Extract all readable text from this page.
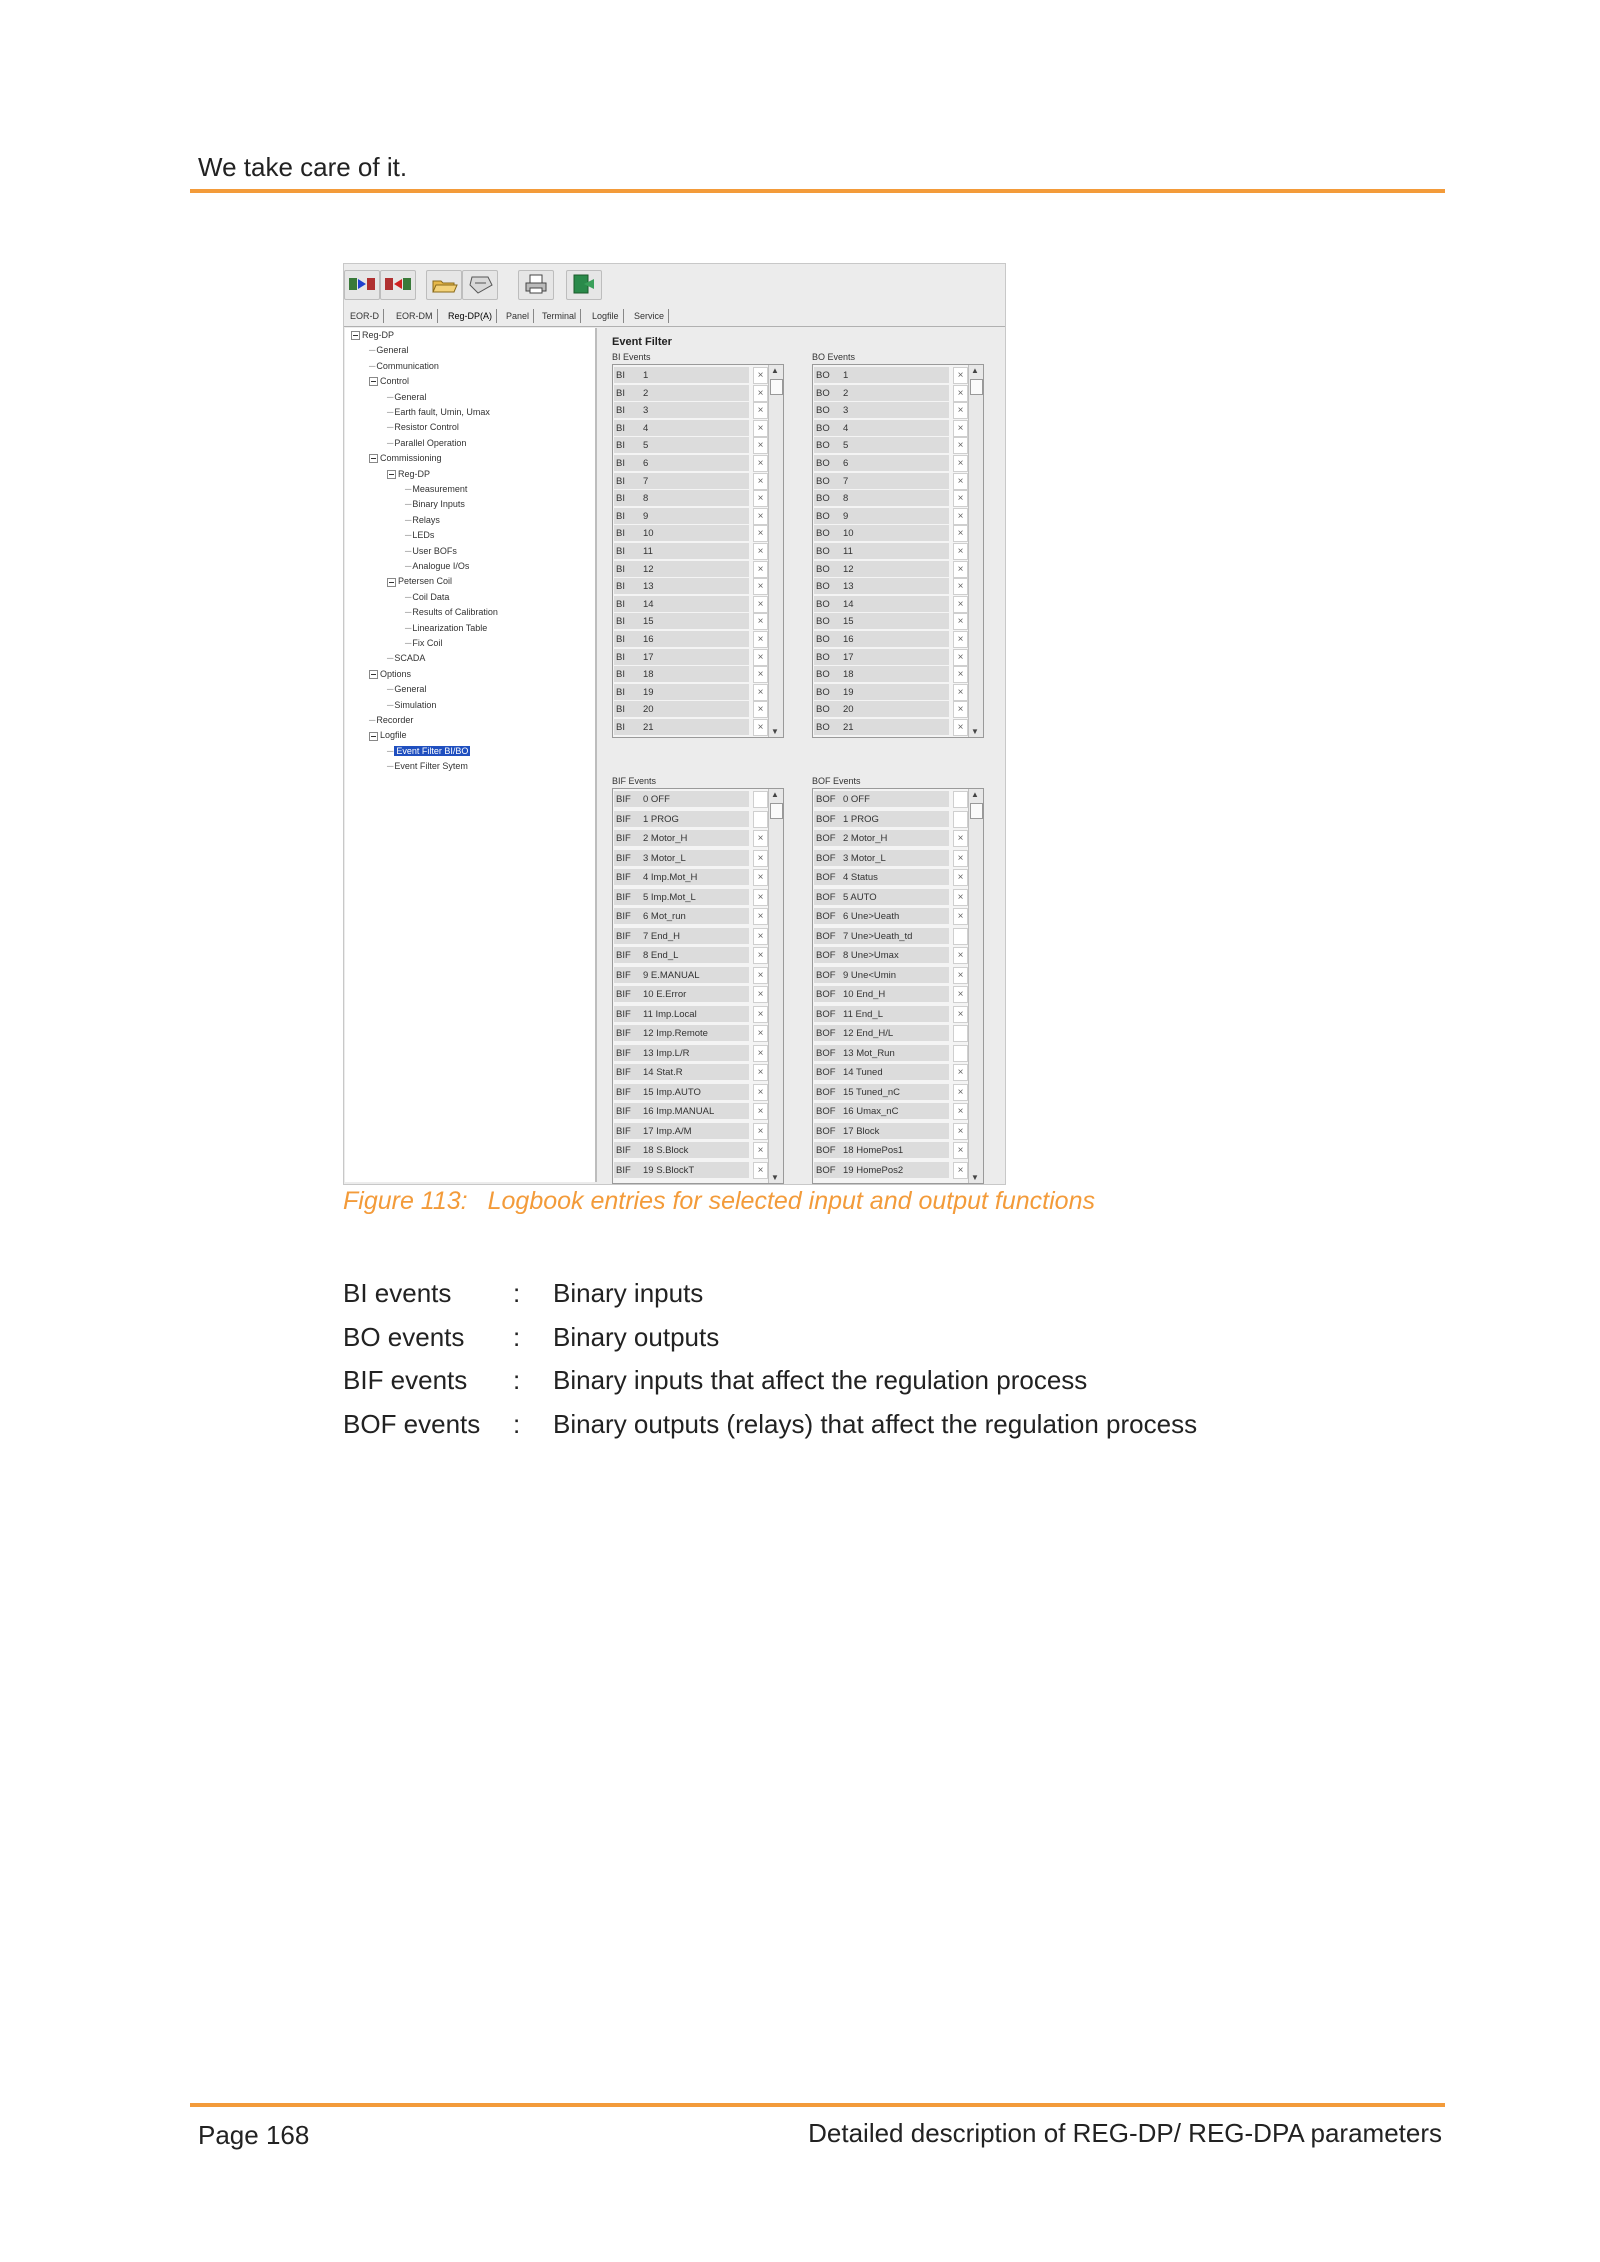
We take care of it.
EOR-D	EOR-DM	Reg-DP(A)	Panel	Terminal	Logfile	Service
Reg-DP
─General
─Communication
Control
─General
─Earth fault, Umin, Umax
─Resistor Control
─Parallel Operation
Commissioning
Reg-DP
─Measurement
─Binary Inputs
─Relays
─LEDs
─User BOFs
─Analogue I/Os
Petersen Coil
─Coil Data
─Results of Calibration
─Linearization Table
─Fix Coil
─SCADA
Options
─General
─Simulation
─Recorder
Logfile
─ Event Filter BI/BO
─Event Filter Sytem
Event Filter
BI Events	BO Events
BI 1	×
BI 2	×
BI 3	×
BI 4	×
BI 5	×
BI 6	×
BI 7	×
BI 8	×
BI 9	×
BI 10	×
BI 11	×
BI 12	×
BI 13	×
BI 14	×
BI 15	×
BI 16	×
BI 17	×
BI 18	×
BI 19	×
BI 20	×
BI 21	×
▲
▼
BO 1	×
BO 2	×
BO 3	×
BO 4	×
BO 5	×
BO 6	×
BO 7	×
BO 8	×
BO 9	×
BO 10	×
BO 11	×
BO 12	×
BO 13	×
BO 14	×
BO 15	×
BO 16	×
BO 17	×
BO 18	×
BO 19	×
BO 20	×
BO 21	×
▲
▼
BIF Events	BOF Events
BIF 0 OFF
BIF 1 PROG
BIF 2 Motor_H	×
BIF 3 Motor_L	×
BIF 4 Imp.Mot_H	×
BIF 5 Imp.Mot_L	×
BIF 6 Mot_run	×
BIF 7 End_H	×
BIF 8 End_L	×
BIF 9 E.MANUAL	×
BIF 10 E.Error	×
BIF 11 Imp.Local	×
BIF 12 Imp.Remote	×
BIF 13 Imp.L/R	×
BIF 14 Stat.R	×
BIF 15 Imp.AUTO	×
BIF 16 Imp.MANUAL	×
BIF 17 Imp.A/M	×
BIF 18 S.Block	×
BIF 19 S.BlockT	×
▲
▼
BOF 0 OFF
BOF 1 PROG
BOF 2 Motor_H	×
BOF 3 Motor_L	×
BOF 4 Status	×
BOF 5 AUTO	×
BOF 6 Une>Ueath	×
BOF 7 Une>Ueath_td
BOF 8 Une>Umax	×
BOF 9 Une<Umin	×
BOF 10 End_H	×
BOF 11 End_L	×
BOF 12 End_H/L
BOF 13 Mot_Run
BOF 14 Tuned	×
BOF 15 Tuned_nC	×
BOF 16 Umax_nC	×
BOF 17 Block	×
BOF 18 HomePos1	×
BOF 19 HomePos2	×
▲
▼
Figure 113: Logbook entries for selected input and output functions
BI events	: Binary inputs
BO events	: Binary outputs
BIF events	: Binary inputs that affect the regulation process
BOF events	: Binary outputs (relays) that affect the regulation process
Page 168	Detailed description of REG-DP/ REG-DPA parameters
